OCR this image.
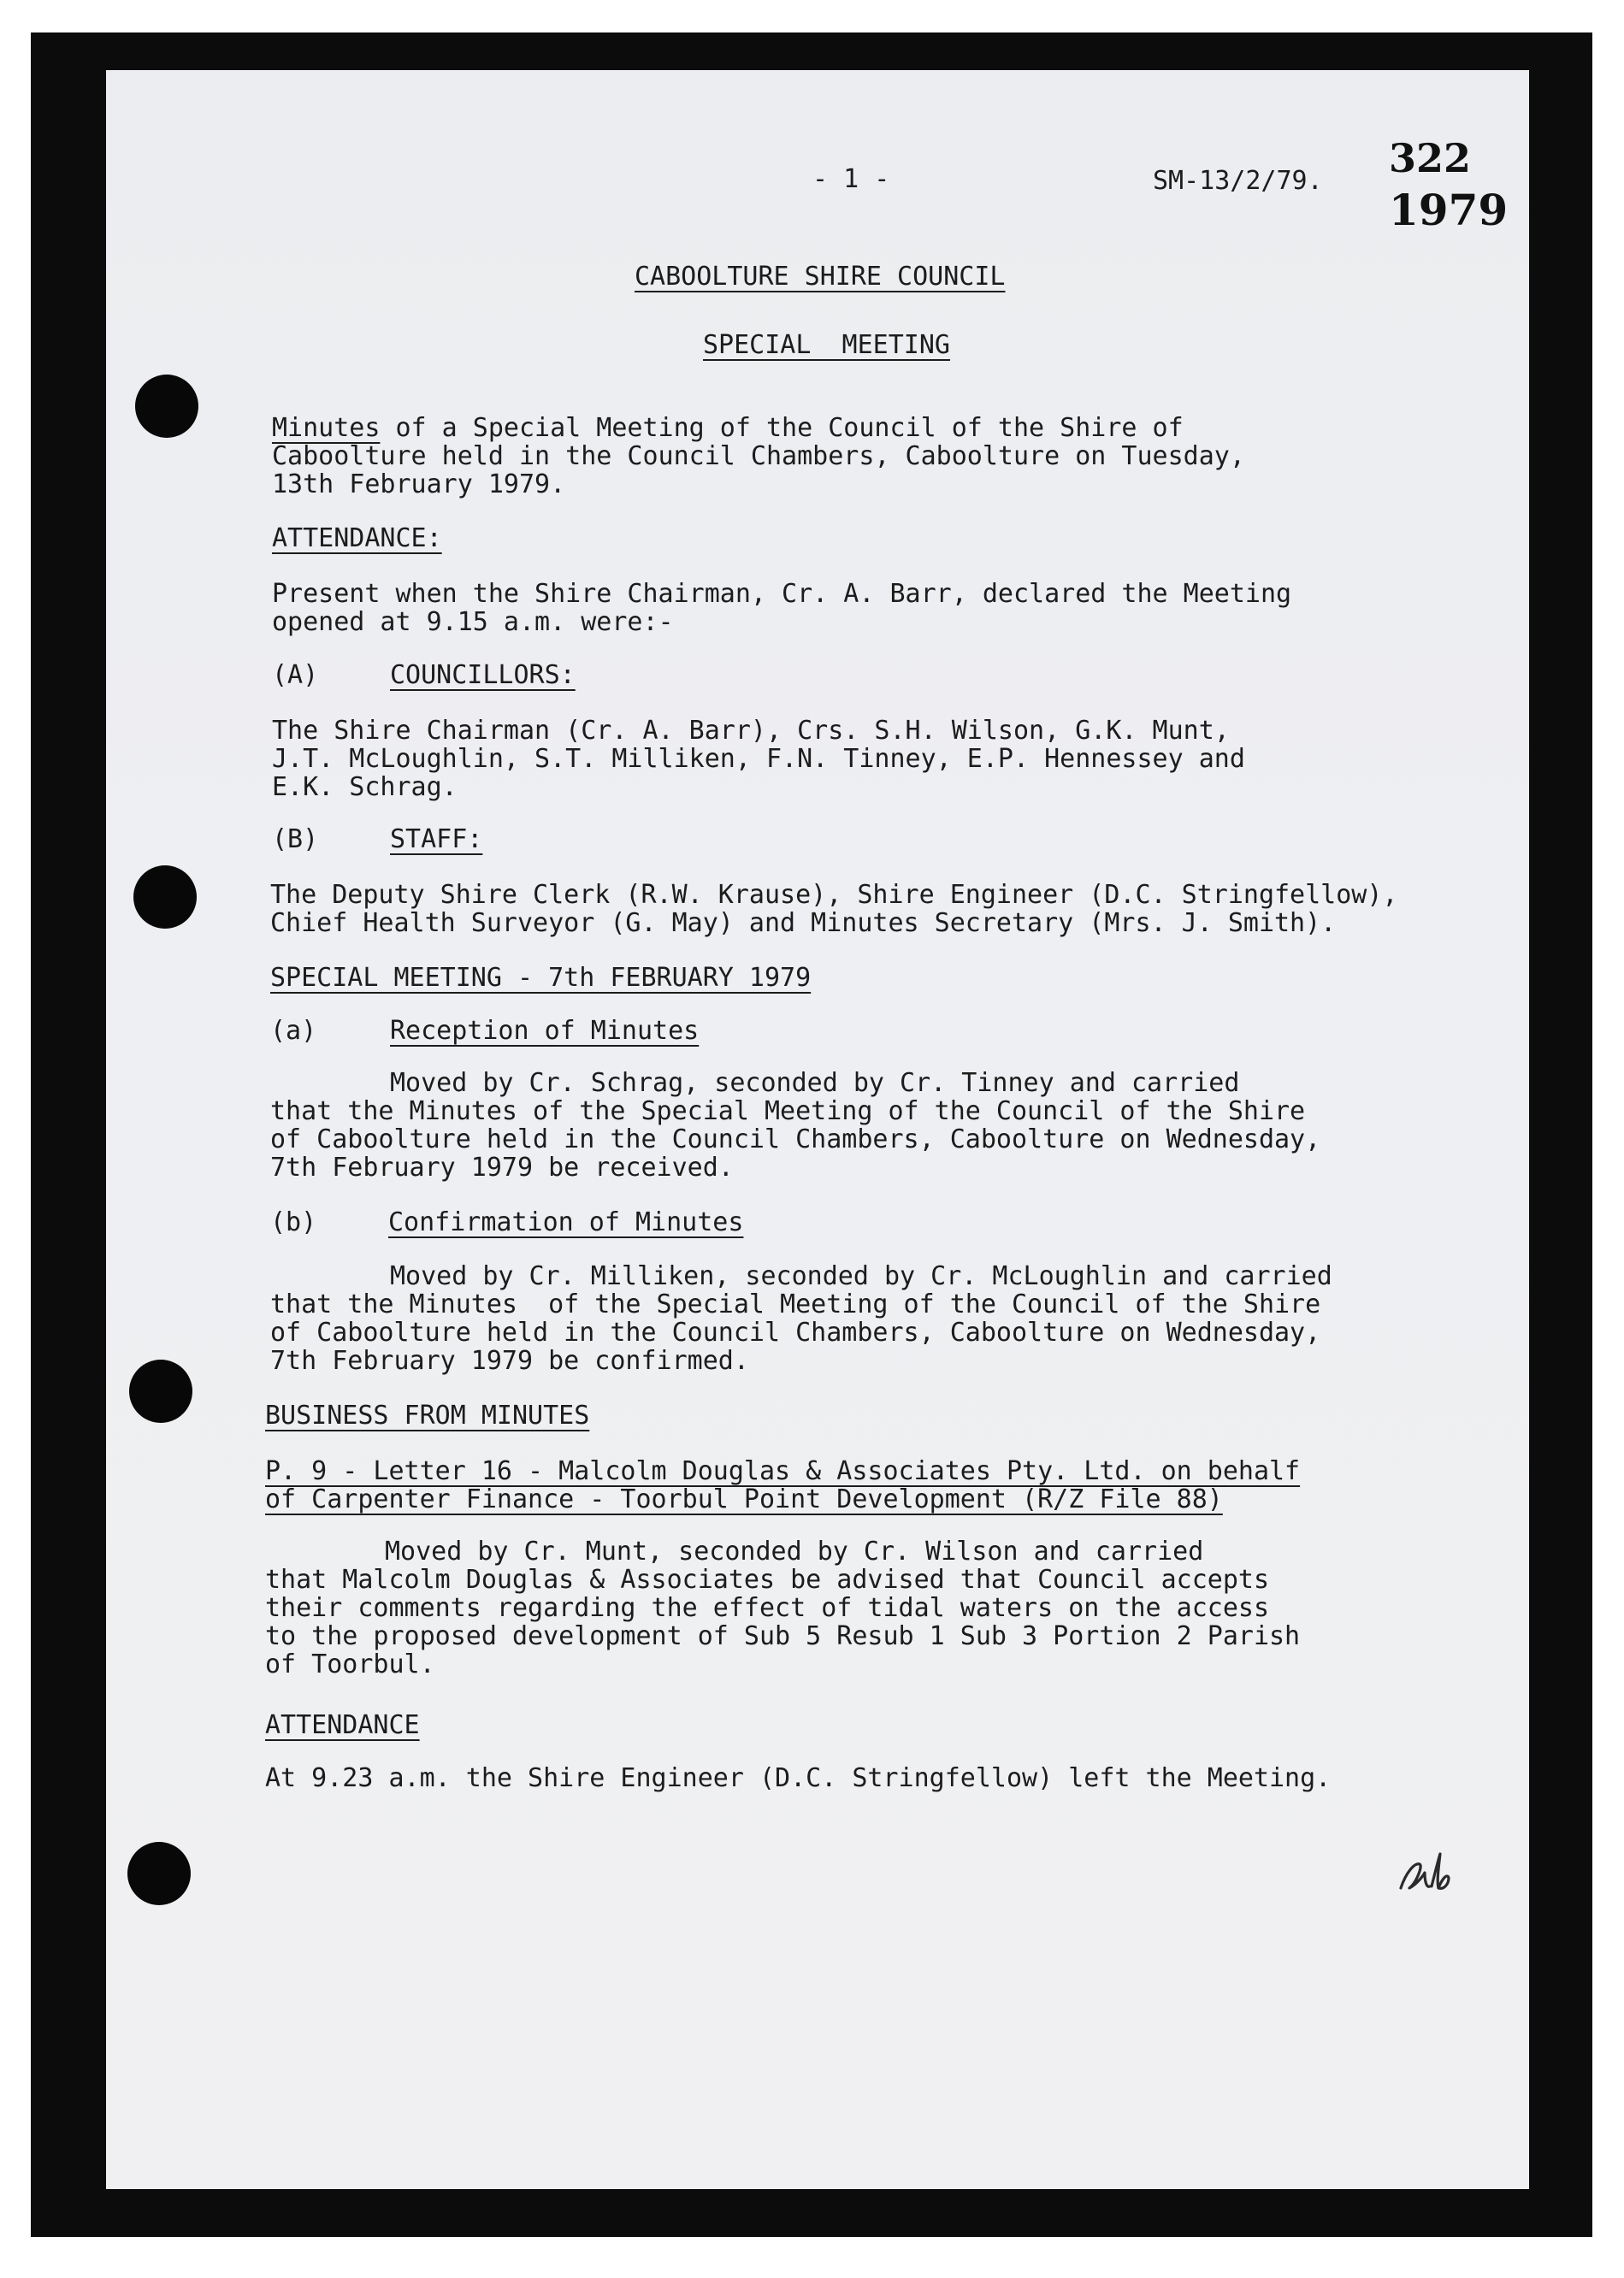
- 1 -	SM-13/2/79. 322
1979
CABOOLTURE SHIRE COUNCIL
SPECIAL  MEETING
Minutes of a Special Meeting of the Council of the Shire of
Caboolture held in the Council Chambers, Caboolture on Tuesday,
13th February 1979.
ATTENDANCE:
Present when the Shire Chairman, Cr. A. Barr, declared the Meeting
opened at 9.15 a.m. were:-
(A)	COUNCILLORS:
The Shire Chairman (Cr. A. Barr), Crs. S.H. Wilson, G.K. Munt,
J.T. McLoughlin, S.T. Milliken, F.N. Tinney, E.P. Hennessey and
E.K. Schrag.
(B)	STAFF:
The Deputy Shire Clerk (R.W. Krause), Shire Engineer (D.C. Stringfellow),
Chief Health Surveyor (G. May) and Minutes Secretary (Mrs. J. Smith).
SPECIAL MEETING - 7th FEBRUARY 1979
(a)	Reception of Minutes
Moved by Cr. Schrag, seconded by Cr. Tinney and carried
that the Minutes of the Special Meeting of the Council of the Shire
of Caboolture held in the Council Chambers, Caboolture on Wednesday,
7th February 1979 be received.
(b)	Confirmation of Minutes
Moved by Cr. Milliken, seconded by Cr. McLoughlin and carried
that the Minutes  of the Special Meeting of the Council of the Shire
of Caboolture held in the Council Chambers, Caboolture on Wednesday,
7th February 1979 be confirmed.
BUSINESS FROM MINUTES
P. 9 - Letter 16 - Malcolm Douglas & Associates Pty. Ltd. on behalf
of Carpenter Finance - Toorbul Point Development (R/Z File 88)
Moved by Cr. Munt, seconded by Cr. Wilson and carried
that Malcolm Douglas & Associates be advised that Council accepts
their comments regarding the effect of tidal waters on the access
to the proposed development of Sub 5 Resub 1 Sub 3 Portion 2 Parish
of Toorbul.
ATTENDANCE
At 9.23 a.m. the Shire Engineer (D.C. Stringfellow) left the Meeting.
